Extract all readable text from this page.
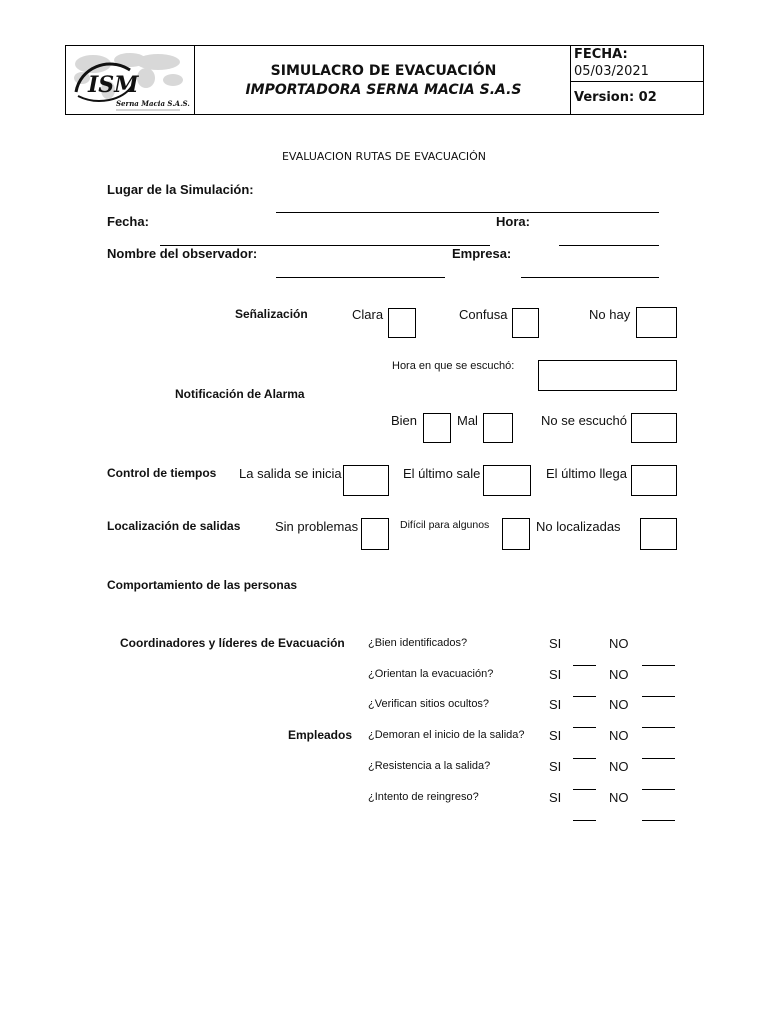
ISM
Serna Macia S.A.S.
SIMULACRO DE EVACUACIÓN
IMPORTADORA SERNA MACIA S.A.S
FECHA:
05/03/2021
Version: 02
EVALUACION RUTAS DE EVACUACIÓN
Lugar de la Simulación:
Fecha:	Hora:
Nombre del observador:	Empresa:
Señalización	Clara	Confusa	No hay
Hora en que se escuchó:
Notificación de Alarma
Bien	Mal	No se escuchó
Control de tiempos La salida se inicia	El último sale	El último llega
Localización de salidas	Sin problemas	Difícil para algunos	No localizadas
Comportamiento de las personas
Coordinadores y líderes de Evacuación
Empleados
¿Bien identificados?	SI	NO
¿Orientan la evacuación?	SI	NO
¿Verifican sitios ocultos?	SI	NO
¿Demoran el inicio de la salida? SI	NO
¿Resistencia a la salida?	SI	NO
¿Intento de reingreso?	SI	NO
